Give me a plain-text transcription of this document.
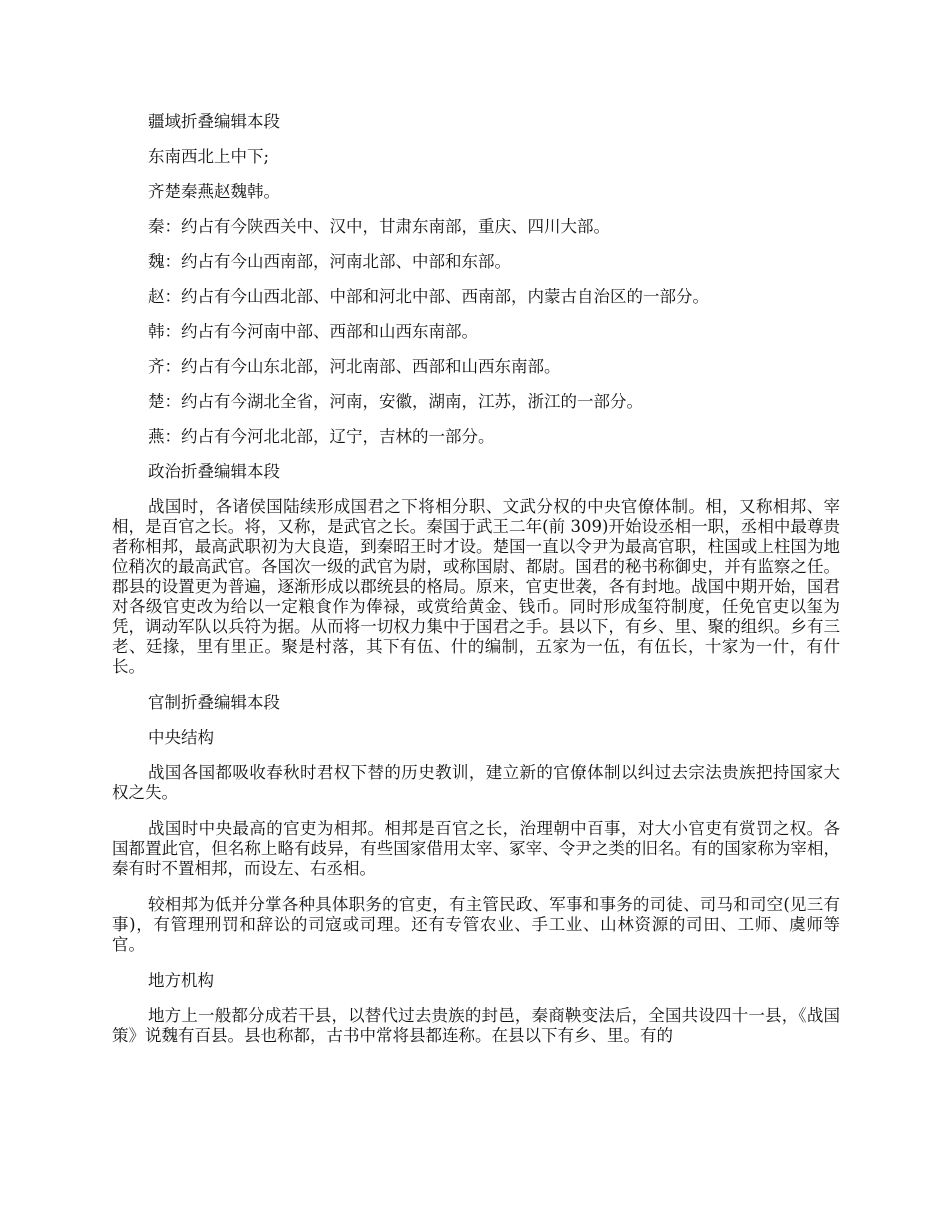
疆域折叠编辑本段

东南西北上中下;

齐楚秦燕赵魏韩。

秦：约占有今陕西关中、汉中，甘肃东南部，重庆、四川大部。

魏：约占有今山西南部，河南北部、中部和东部。

赵：约占有今山西北部、中部和河北中部、西南部，内蒙古自治区的一部分。

韩：约占有今河南中部、西部和山西东南部。

齐：约占有今山东北部，河北南部、西部和山西东南部。

楚：约占有今湖北全省，河南，安徽，湖南，江苏，浙江的一部分。

燕：约占有今河北北部，辽宁，吉林的一部分。

政治折叠编辑本段

战国时，各诸侯国陆续形成国君之下将相分职、文武分权的中央官僚体制。相，又称相邦、宰相，是百官之长。将，又称，是武官之长。秦国于武王二年(前 309)开始设丞相一职，丞相中最尊贵者称相邦，最高武职初为大良造，到秦昭王时才设。楚国一直以令尹为最高官职，柱国或上柱国为地位稍次的最高武官。各国次一级的武官为尉，或称国尉、都尉。国君的秘书称御史，并有监察之任。郡县的设置更为普遍，逐渐形成以郡统县的格局。原来，官吏世袭，各有封地。战国中期开始，国君对各级官吏改为给以一定粮食作为俸禄，或赏给黄金、钱币。同时形成玺符制度，任免官吏以玺为凭，调动军队以兵符为据。从而将一切权力集中于国君之手。县以下，有乡、里、聚的组织。乡有三老、廷掾，里有里正。聚是村落，其下有伍、什的编制，五家为一伍，有伍长，十家为一什，有什长。

官制折叠编辑本段

中央结构

战国各国都吸收春秋时君权下替的历史教训，建立新的官僚体制以纠过去宗法贵族把持国家大权之失。

战国时中央最高的官吏为相邦。相邦是百官之长，治理朝中百事，对大小官吏有赏罚之权。各国都置此官，但名称上略有歧异，有些国家借用太宰、冢宰、令尹之类的旧名。有的国家称为宰相，秦有时不置相邦，而设左、右丞相。

较相邦为低并分掌各种具体职务的官吏，有主管民政、军事和事务的司徒、司马和司空(见三有事)，有管理刑罚和辞讼的司寇或司理。还有专管农业、手工业、山林资源的司田、工师、虞师等官。

地方机构

地方上一般都分成若干县，以替代过去贵族的封邑，秦商鞅变法后，全国共设四十一县，《战国策》说魏有百县。县也称都，古书中常将县都连称。在县以下有乡、里。有的
